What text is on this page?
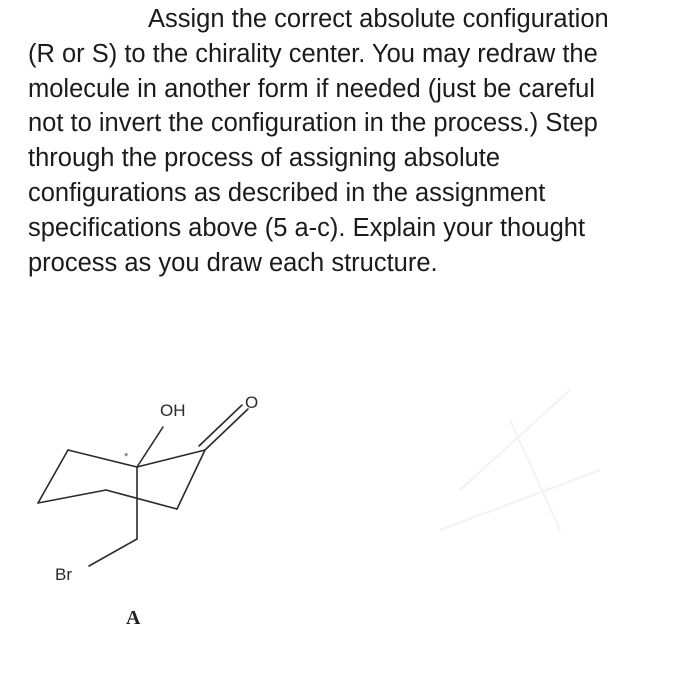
Assign the correct absolute configuration
(R or S) to the chirality center. You may redraw the
molecule in another form if needed (just be careful
not to invert the configuration in the process.) Step
through the process of assigning absolute
configurations as described in the assignment
specifications above (5 a-c). Explain your thought
process as you draw each structure.
OH	O
Br
*
A
